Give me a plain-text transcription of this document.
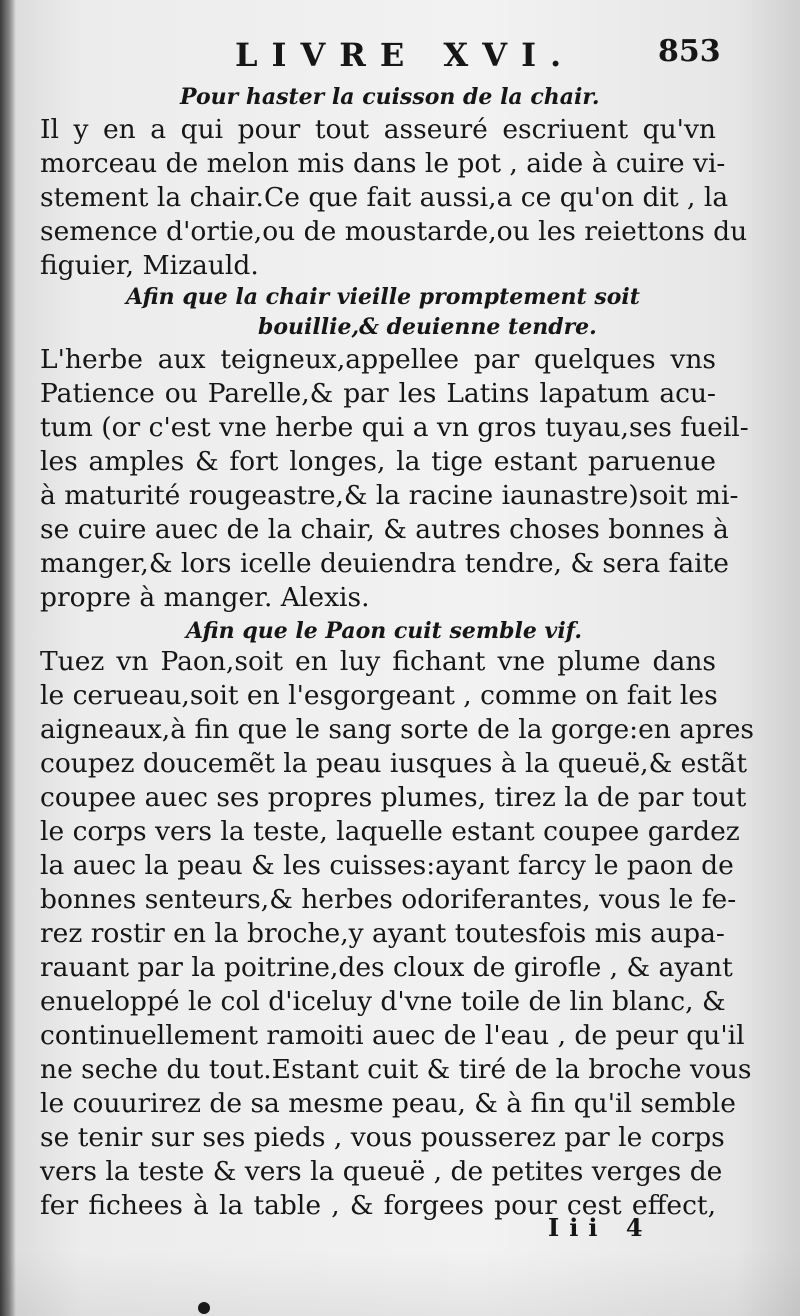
LIVRE XVI.	853
Pour haster la cuisson de la chair.
Il y en a qui pour tout asseuré escriuent qu'vn
morceau de melon mis dans le pot , aide à cuire vi-
stement la chair.Ce que fait aussi,a ce qu'on dit , la
semence d'ortie,ou de moustarde,ou les reiettons du
figuier, Mizauld.
Afin que la chair vieille promptement soit
bouillie,& deuienne tendre.
L'herbe aux teigneux,appellee par quelques vns
Patience ou Parelle,& par les Latins lapatum acu-
tum (or c'est vne herbe qui a vn gros tuyau,ses fueil-
les amples & fort longes, la tige estant paruenue
à maturité rougeastre,& la racine iaunastre)soit mi-
se cuire auec de la chair, & autres choses bonnes à
manger,& lors icelle deuiendra tendre, & sera faite
propre à manger. Alexis.
Afin que le Paon cuit semble vif.
Tuez vn Paon,soit en luy fichant vne plume dans
le cerueau,soit en l'esgorgeant , comme on fait les
aigneaux,à fin que le sang sorte de la gorge:en apres
coupez doucemẽt la peau iusques à la queuë,& estãt
coupee auec ses propres plumes, tirez la de par tout
le corps vers la teste, laquelle estant coupee gardez
la auec la peau & les cuisses:ayant farcy le paon de
bonnes senteurs,& herbes odoriferantes, vous le fe-
rez rostir en la broche,y ayant toutesfois mis aupa-
rauant par la poitrine,des cloux de girofle , & ayant
enueloppé le col d'iceluy d'vne toile de lin blanc, &
continuellement ramoiti auec de l'eau , de peur qu'il
ne seche du tout.Estant cuit & tiré de la broche vous
le couurirez de sa mesme peau, & à fin qu'il semble
se tenir sur ses pieds , vous pousserez par le corps
vers la teste & vers la queuë , de petites verges de
fer fichees à la table , & forgees pour cest effect,
Iii 4
